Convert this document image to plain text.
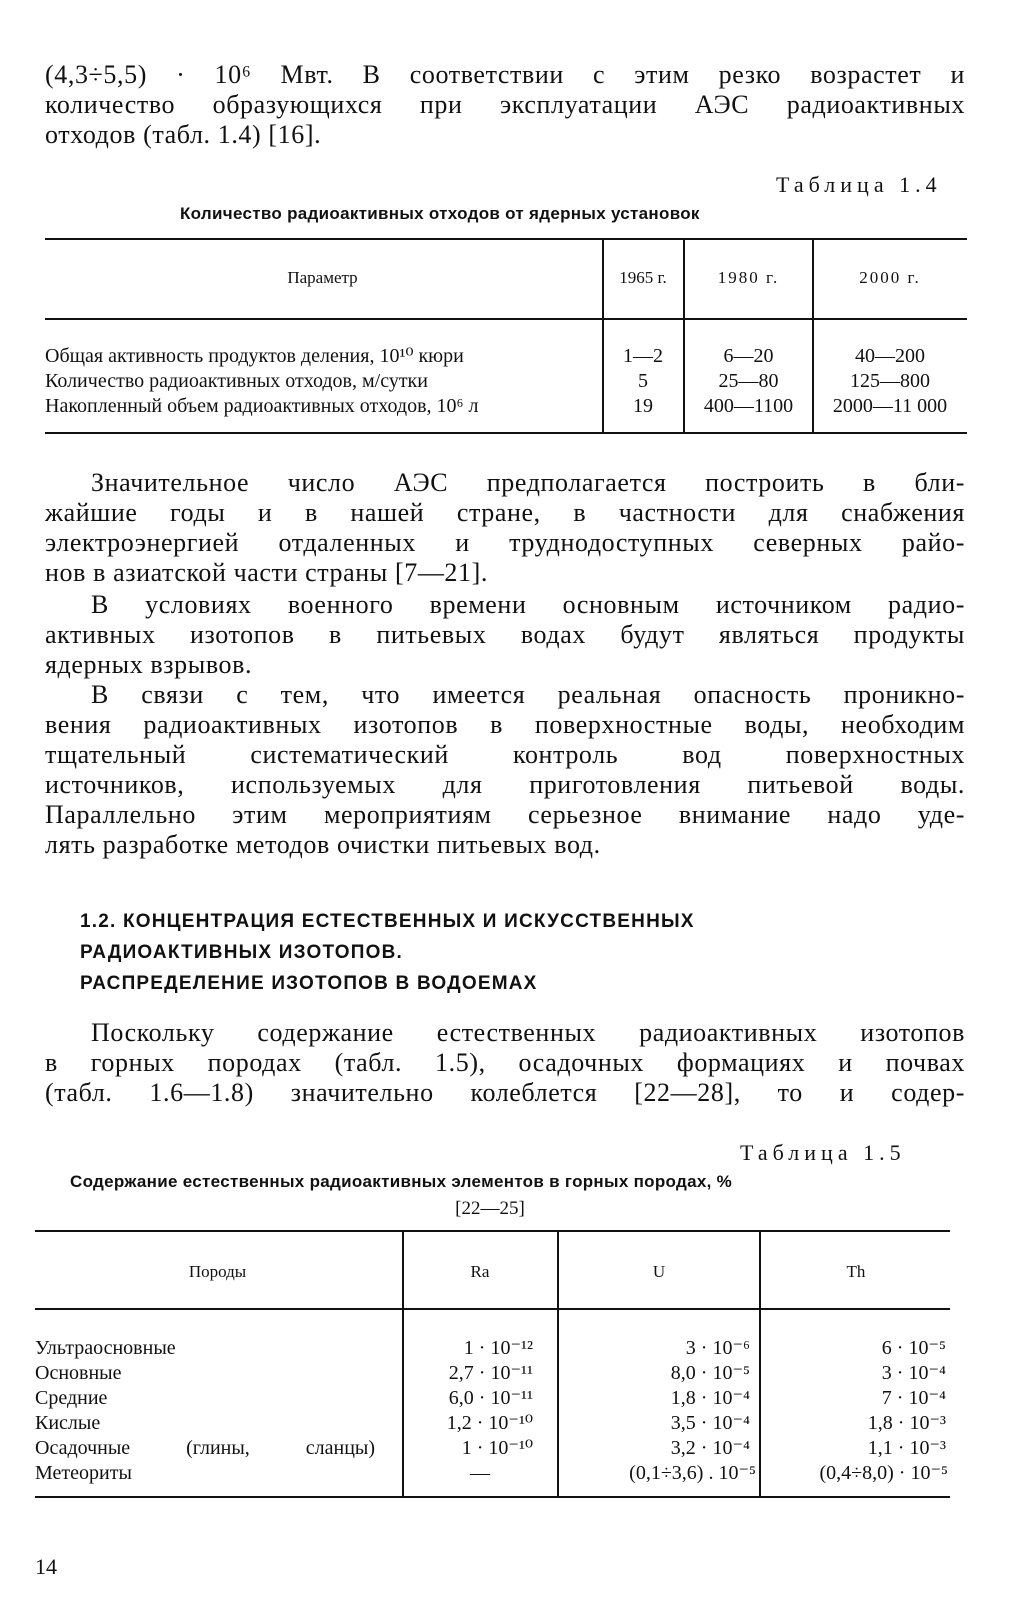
(4,3÷5,5) · 10⁶ Мвт. В соответствии с этим резко возрастет и
количество образующихся при эксплуатации АЭС радиоактивных
отходов (табл. 1.4) [16].
Таблица 1.4
Количество радиоактивных отходов от ядерных установок
Параметр	1965 г.	1980 г.	2000 г.
Общая активность продуктов деления, 10¹⁰ кюри	1—2	6—20	40—200
Количество радиоактивных отходов, м/сутки	5	25—80	125—800
Накопленный объем радиоактивных отходов, 10⁶ л	19	400—1100	2000—11 000
Значительное число АЭС предполагается построить в бли-
жайшие годы и в нашей стране, в частности для снабжения
электроэнергией отдаленных и труднодоступных северных райо-
нов в азиатской части страны [7—21].
В условиях военного времени основным источником радио-
активных изотопов в питьевых водах будут являться продукты
ядерных взрывов.
В связи с тем, что имеется реальная опасность проникно-
вения радиоактивных изотопов в поверхностные воды, необходим
тщательный систематический контроль вод поверхностных
источников, используемых для приготовления питьевой воды.
Параллельно этим мероприятиям серьезное внимание надо уде-
лять разработке методов очистки питьевых вод.
1.2. КОНЦЕНТРАЦИЯ ЕСТЕСТВЕННЫХ И ИСКУССТВЕННЫХ
РАДИОАКТИВНЫХ ИЗОТОПОВ.
РАСПРЕДЕЛЕНИЕ ИЗОТОПОВ В ВОДОЕМАХ
Поскольку содержание естественных радиоактивных изотопов
в горных породах (табл. 1.5), осадочных формациях и почвах
(табл. 1.6—1.8) значительно колеблется [22—28], то и содер-
Таблица 1.5
Содержание естественных радиоактивных элементов в горных породах, %
[22—25]
Породы	Ra	U	Th
Ультраосновные	1 · 10⁻¹²	3 · 10⁻⁶	6 · 10⁻⁵
Основные	2,7 · 10⁻¹¹	8,0 · 10⁻⁵	3 · 10⁻⁴
Средние	6,0 · 10⁻¹¹	1,8 · 10⁻⁴	7 · 10⁻⁴
Кислые	1,2 · 10⁻¹⁰	3,5 · 10⁻⁴	1,8 · 10⁻³
Осадочные (глины, сланцы)	1 · 10⁻¹⁰	3,2 · 10⁻⁴	1,1 · 10⁻³
Метеориты	—	(0,1÷3,6) . 10⁻⁵	(0,4÷8,0) · 10⁻⁵
14
